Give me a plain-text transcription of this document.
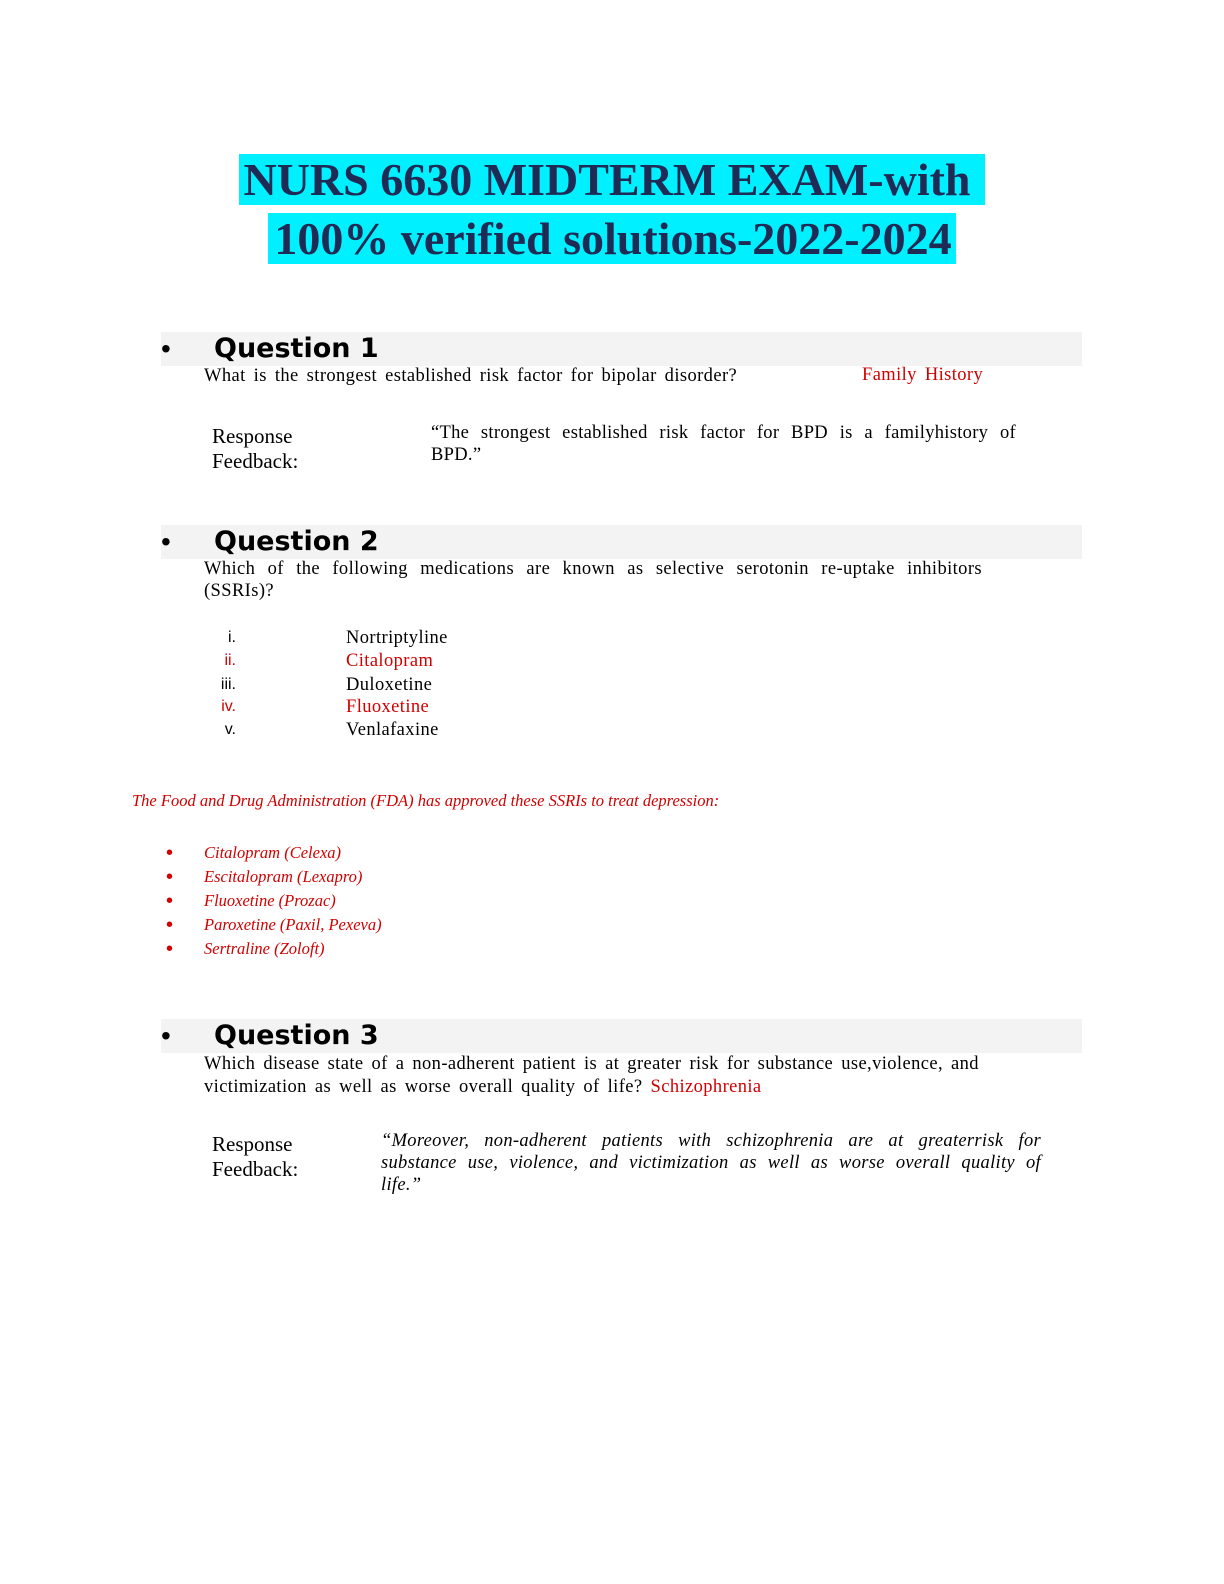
NURS 6630 MIDTERM EXAM-with
100% verified solutions-2022-2024
• Question 1
What is the strongest established risk factor for bipolar disorder?	Family History
Response
Feedback:
“The strongest established risk factor for BPD is a familyhistory of BPD.”
• Question 2
Which of the following medications are known as selective serotonin re-uptake inhibitors (SSRIs)?
i.	Nortriptyline
ii.	Citalopram
iii.	Duloxetine
iv.	Fluoxetine
v.	Venlafaxine
The Food and Drug Administration (FDA) has approved these SSRIs to treat depression:
• Citalopram (Celexa)
• Escitalopram (Lexapro)
• Fluoxetine (Prozac)
• Paroxetine (Paxil, Pexeva)
• Sertraline (Zoloft)
• Question 3
Which disease state of a non-adherent patient is at greater risk for substance use,violence, and
victimization as well as worse overall quality of life? Schizophrenia
Response
Feedback:
“Moreover, non-adherent patients with schizophrenia are at greaterrisk for substance use, violence, and victimization as well as worse overall quality of life.”
